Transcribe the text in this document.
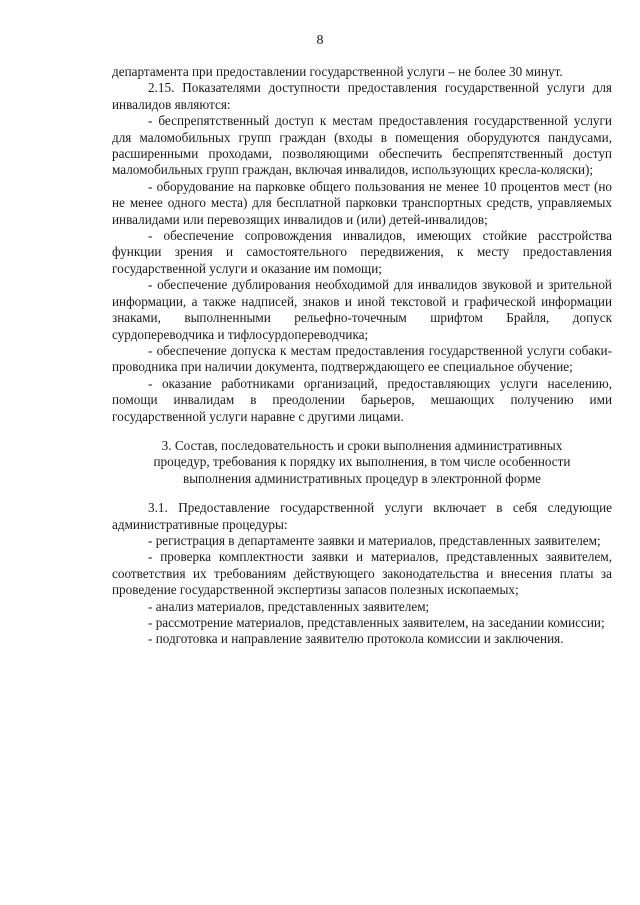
8

департамента при предоставлении государственной услуги – не более 30 минут.

2.15. Показателями доступности предоставления государственной услуги для инвалидов являются:

- беспрепятственный доступ к местам предоставления государственной услуги для маломобильных групп граждан (входы в помещения оборудуются пандусами, расширенными проходами, позволяющими обеспечить беспрепятственный доступ маломобильных групп граждан, включая инвалидов, использующих кресла-коляски);

- оборудование на парковке общего пользования не менее 10 процентов мест (но не менее одного места) для бесплатной парковки транспортных средств, управляемых инвалидами или перевозящих инвалидов и (или) детей-инвалидов;

- обеспечение сопровождения инвалидов, имеющих стойкие расстройства функции зрения и самостоятельного передвижения, к месту предоставления государственной услуги и оказание им помощи;

- обеспечение дублирования необходимой для инвалидов звуковой и зрительной информации, а также надписей, знаков и иной текстовой и графической информации знаками, выполненными рельефно-точечным шрифтом Брайля, допуск сурдопереводчика и тифлосурдопереводчика;

- обеспечение допуска к местам предоставления государственной услуги собаки-проводника при наличии документа, подтверждающего ее специальное обучение;

- оказание работниками организаций, предоставляющих услуги населению, помощи инвалидам в преодолении барьеров, мешающих получению ими государственной услуги наравне с другими лицами.

3. Состав, последовательность и сроки выполнения административных
процедур, требования к порядку их выполнения, в том числе особенности
выполнения административных процедур в электронной форме

3.1. Предоставление государственной услуги включает в себя следующие административные процедуры:

- регистрация в департаменте заявки и материалов, представленных заявителем;

- проверка комплектности заявки и материалов, представленных заявителем, соответствия их требованиям действующего законодательства и внесения платы за проведение государственной экспертизы запасов полезных ископаемых;

- анализ материалов, представленных заявителем;

- рассмотрение материалов, представленных заявителем, на заседании комиссии;

- подготовка и направление заявителю протокола комиссии и заключения.
